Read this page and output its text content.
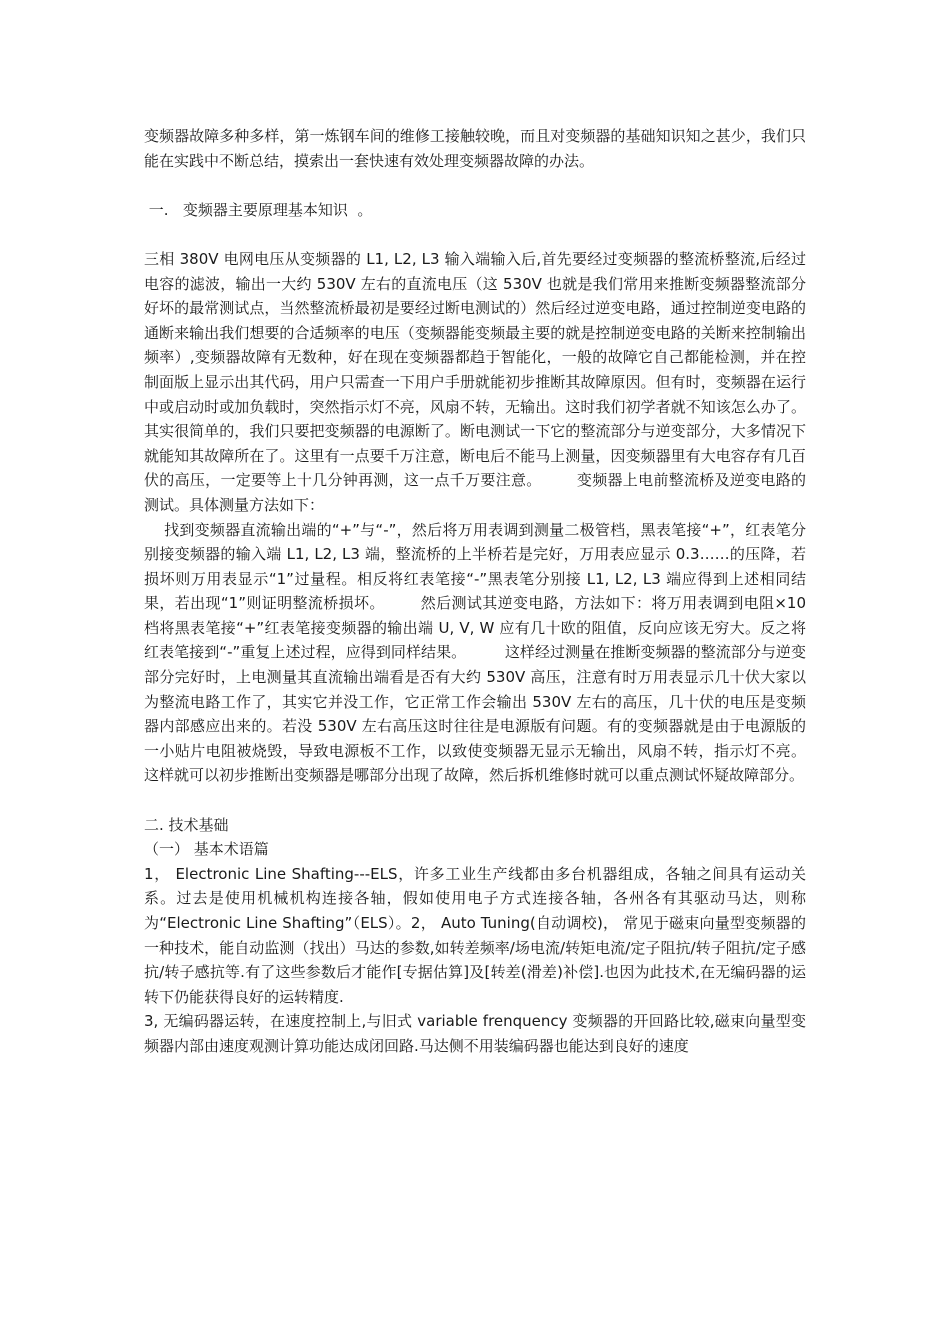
变频器故障多种多样，第一炼钢车间的维修工接触较晚，而且对变频器的基础知识知之甚少，我们只能在实践中不断总结，摸索出一套快速有效处理变频器故障的办法。

一.   变频器主要原理基本知识  。

三相 380V 电网电压从变频器的 L1, L2, L3 输入端输入后,首先要经过变频器的整流桥整流,后经过电容的滤波，输出一大约 530V 左右的直流电压（这 530V 也就是我们常用来推断变频器整流部分好坏的最常测试点，当然整流桥最初是要经过断电测试的）然后经过逆变电路，通过控制逆变电路的通断来输出我们想要的合适频率的电压（变频器能变频最主要的就是控制逆变电路的关断来控制输出频率）,变频器故障有无数种，好在现在变频器都趋于智能化，一般的故障它自己都能检测，并在控制面版上显示出其代码，用户只需查一下用户手册就能初步推断其故障原因。但有时，变频器在运行中或启动时或加负载时，突然指示灯不亮，风扇不转，无输出。这时我们初学者就不知该怎么办了。其实很简单的，我们只要把变频器的电源断了。断电测试一下它的整流部分与逆变部分，大多情况下就能知其故障所在了。这里有一点要千万注意，断电后不能马上测量，因变频器里有大电容存有几百伏的高压，一定要等上十几分钟再测，这一点千万要注意。       变频器上电前整流桥及逆变电路的测试。具体测量方法如下：

找到变频器直流输出端的“+”与“-”，然后将万用表调到测量二极管档，黑表笔接“+”，红表笔分别接变频器的输入端 L1, L2, L3 端，整流桥的上半桥若是完好，万用表应显示 0.3……的压降，若损坏则万用表显示“1”过量程。相反将红表笔接“-”黑表笔分别接 L1, L2, L3 端应得到上述相同结果，若出现“1”则证明整流桥损坏。       然后测试其逆变电路，方法如下：将万用表调到电阻×10 档将黑表笔接“+”红表笔接变频器的输出端 U, V, W 应有几十欧的阻值，反向应该无穷大。反之将红表笔接到“-”重复上述过程，应得到同样结果。        这样经过测量在推断变频器的整流部分与逆变部分完好时，上电测量其直流输出端看是否有大约 530V 高压，注意有时万用表显示几十伏大家以为整流电路工作了，其实它并没工作，它正常工作会输出 530V 左右的高压，几十伏的电压是变频器内部感应出来的。若没 530V 左右高压这时往往是电源版有问题。有的变频器就是由于电源版的一小贴片电阻被烧毁，导致电源板不工作，以致使变频器无显示无输出，风扇不转，指示灯不亮。     这样就可以初步推断出变频器是哪部分出现了故障，然后拆机维修时就可以重点测试怀疑故障部分。

二. 技术基础

（一） 基本术语篇

1， Electronic Line Shafting---ELS，许多工业生产线都由多台机器组成，各轴之间具有运动关系。过去是使用机械机构连接各轴，假如使用电子方式连接各轴，各州各有其驱动马达，则称为“Electronic Line Shafting”（ELS）。2， Auto Tuning(自动调校)， 常见于磁束向量型变频器的一种技术，能自动监测（找出）马达的参数,如转差频率/场电流/转矩电流/定子阻抗/转子阻抗/定子感抗/转子感抗等.有了这些参数后才能作[专据估算]及[转差(滑差)补偿].也因为此技术,在无编码器的运转下仍能获得良好的运转精度.

3, 无编码器运转，在速度控制上,与旧式 variable frenquency 变频器的开回路比较,磁束向量型变频器内部由速度观测计算功能达成闭回路.马达侧不用装编码器也能达到良好的速度
